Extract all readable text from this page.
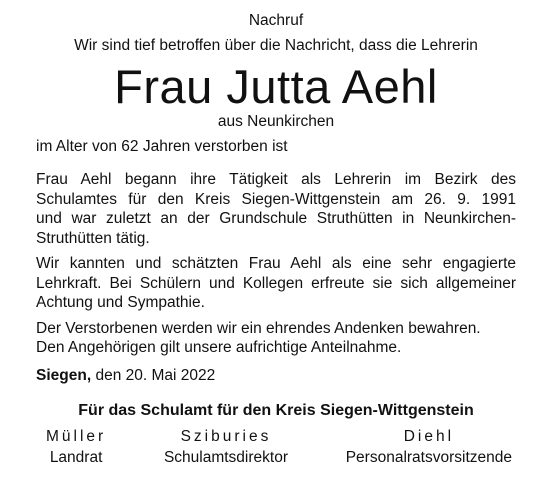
Nachruf
Wir sind tief betroffen über die Nachricht, dass die Lehrerin
Frau Jutta Aehl
aus Neunkirchen
im Alter von 62 Jahren verstorben ist
Frau Aehl begann ihre Tätigkeit als Lehrerin im Bezirk des
Schulamtes für den Kreis Siegen-Wittgenstein am 26. 9. 1991
und war zuletzt an der Grundschule Struthütten in Neunkirchen-
Struthütten tätig.
Wir kannten und schätzten Frau Aehl als eine sehr engagierte
Lehrkraft. Bei Schülern und Kollegen erfreute sie sich allgemeiner
Achtung und Sympathie.
Der Verstorbenen werden wir ein ehrendes Andenken bewahren.
Den Angehörigen gilt unsere aufrichtige Anteilnahme.
Siegen, den 20. Mai 2022
Für das Schulamt für den Kreis Siegen-Wittgenstein
Müller
Landrat
Sziburies
Schulamtsdirektor
Diehl
Personalratsvorsitzende
